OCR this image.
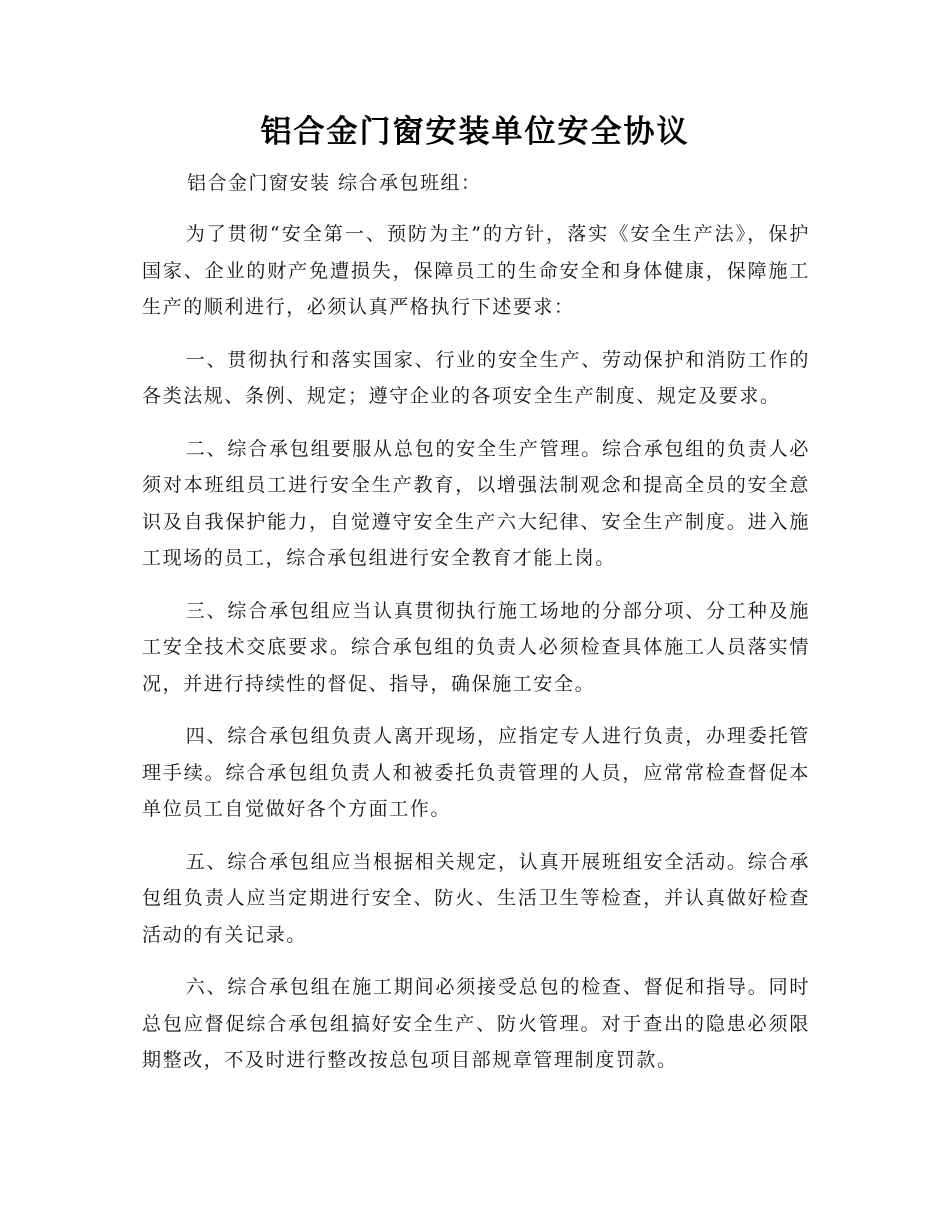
铝合金门窗安装单位安全协议

铝合金门窗安装 综合承包班组：

为了贯彻“安全第一、预防为主”的方针，落实《安全生产法》，保护国家、企业的财产免遭损失，保障员工的生命安全和身体健康，保障施工生产的顺利进行，必须认真严格执行下述要求：

一、贯彻执行和落实国家、行业的安全生产、劳动保护和消防工作的各类法规、条例、规定；遵守企业的各项安全生产制度、规定及要求。

二、综合承包组要服从总包的安全生产管理。综合承包组的负责人必须对本班组员工进行安全生产教育，以增强法制观念和提高全员的安全意识及自我保护能力，自觉遵守安全生产六大纪律、安全生产制度。进入施工现场的员工，综合承包组进行安全教育才能上岗。

三、综合承包组应当认真贯彻执行施工场地的分部分项、分工种及施工安全技术交底要求。综合承包组的负责人必须检查具体施工人员落实情况，并进行持续性的督促、指导，确保施工安全。

四、综合承包组负责人离开现场，应指定专人进行负责，办理委托管理手续。综合承包组负责人和被委托负责管理的人员，应常常检查督促本单位员工自觉做好各个方面工作。

五、综合承包组应当根据相关规定，认真开展班组安全活动。综合承包组负责人应当定期进行安全、防火、生活卫生等检查，并认真做好检查活动的有关记录。

六、综合承包组在施工期间必须接受总包的检查、督促和指导。同时总包应督促综合承包组搞好安全生产、防火管理。对于查出的隐患必须限期整改，不及时进行整改按总包项目部规章管理制度罚款。
